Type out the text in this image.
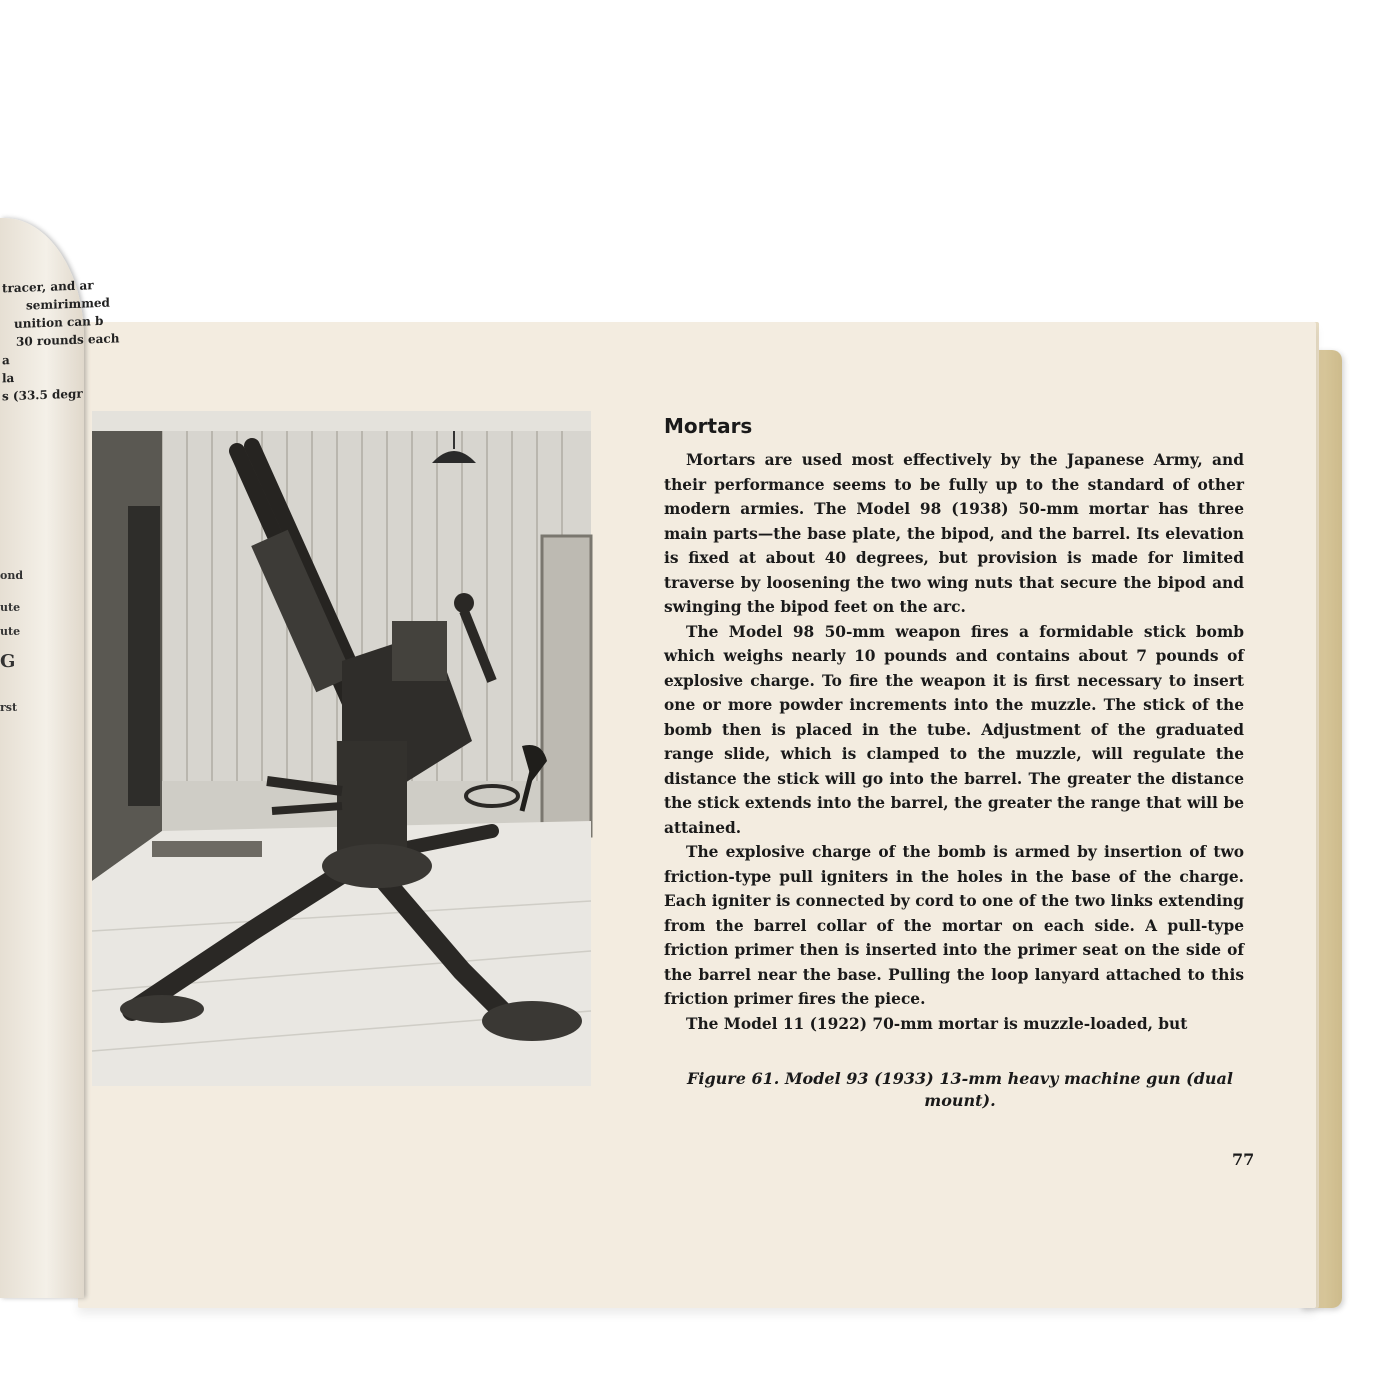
tracer, and ar
semirimmed
unition can b
30 rounds each
a
la
s (33.5 degr
ond
ute
ute
G
rst
Mortars

Mortars are used most effectively by the Japanese Army, and their performance seems to be fully up to the standard of other modern armies. The Model 98 (1938) 50-mm mortar has three main parts—the base plate, the bipod, and the barrel. Its elevation is fixed at about 40 degrees, but provision is made for limited traverse by loosening the two wing nuts that secure the bipod and swinging the bipod feet on the arc.

The Model 98 50-mm weapon fires a formidable stick bomb which weighs nearly 10 pounds and contains about 7 pounds of explosive charge. To fire the weapon it is first necessary to insert one or more powder increments into the muzzle. The stick of the bomb then is placed in the tube. Adjustment of the graduated range slide, which is clamped to the muzzle, will regulate the distance the stick will go into the barrel. The greater the distance the stick extends into the barrel, the greater the range that will be attained.

The explosive charge of the bomb is armed by insertion of two friction-type pull igniters in the holes in the base of the charge. Each igniter is connected by cord to one of the two links extending from the barrel collar of the mortar on each side. A pull-type friction primer then is inserted into the primer seat on the side of the barrel near the base. Pulling the loop lanyard attached to this friction primer fires the piece.

The Model 11 (1922) 70-mm mortar is muzzle-loaded, but

Figure 61. Model 93 (1933) 13-mm heavy machine gun (dual mount).
77
